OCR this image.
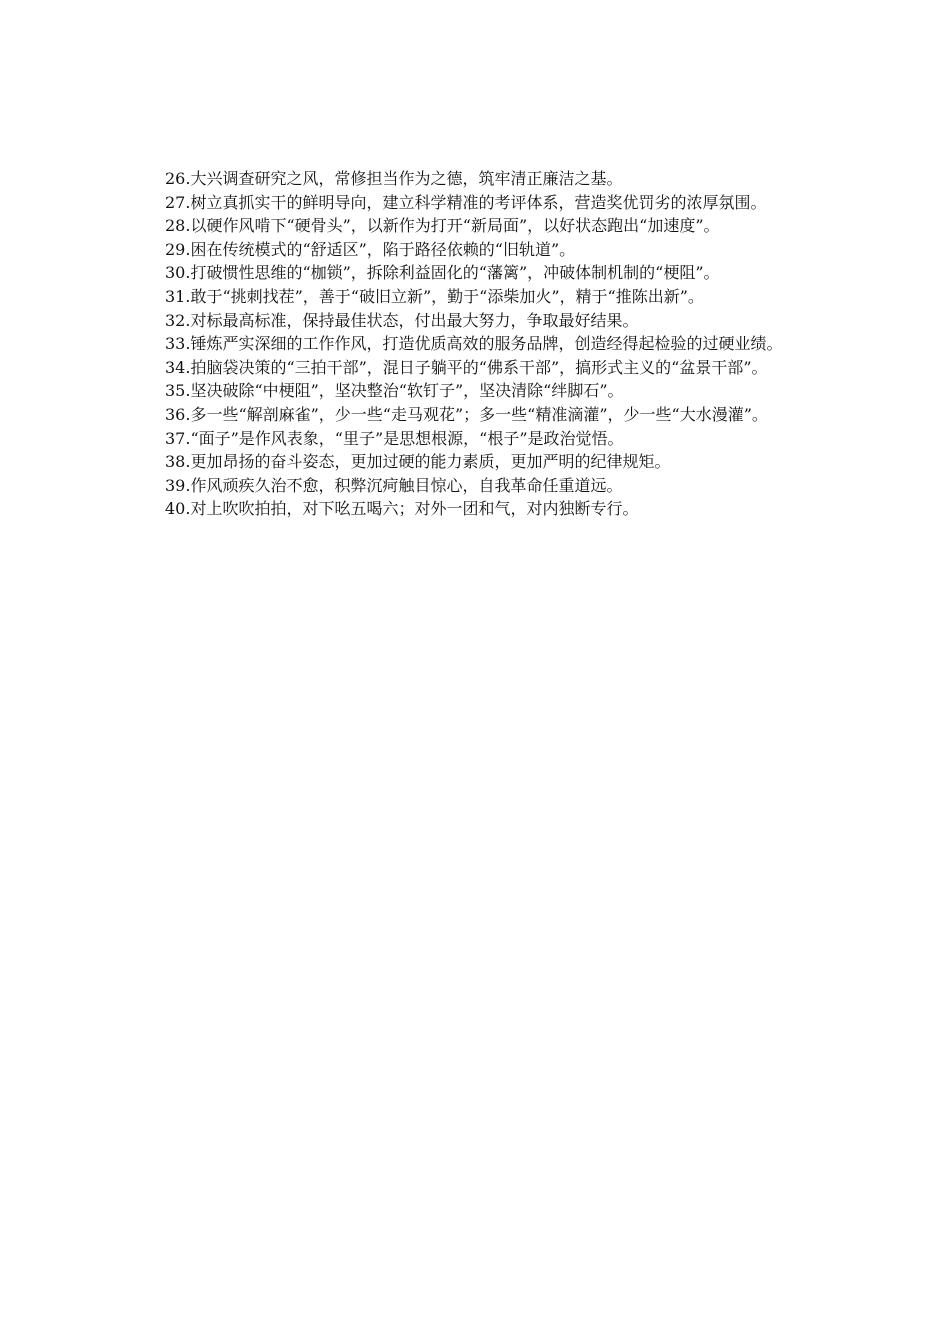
26.大兴调查研究之风，常修担当作为之德，筑牢清正廉洁之基。

27.树立真抓实干的鲜明导向，建立科学精准的考评体系，营造奖优罚劣的浓厚氛围。

28.以硬作风啃下“硬骨头”，以新作为打开“新局面”，以好状态跑出“加速度”。

29.困在传统模式的“舒适区”，陷于路径依赖的“旧轨道”。

30.打破惯性思维的“枷锁”，拆除利益固化的“藩篱”，冲破体制机制的“梗阻”。

31.敢于“挑刺找茬”，善于“破旧立新”，勤于“添柴加火”，精于“推陈出新”。

32.对标最高标准，保持最佳状态，付出最大努力，争取最好结果。

33.锤炼严实深细的工作作风，打造优质高效的服务品牌，创造经得起检验的过硬业绩。

34.拍脑袋决策的“三拍干部”，混日子躺平的“佛系干部”，搞形式主义的“盆景干部”。

35.坚决破除“中梗阻”，坚决整治“软钉子”，坚决清除“绊脚石”。

36.多一些“解剖麻雀”，少一些“走马观花”；多一些“精准滴灌”，少一些“大水漫灌”。

37.“面子”是作风表象，“里子”是思想根源，“根子”是政治觉悟。

38.更加昂扬的奋斗姿态，更加过硬的能力素质，更加严明的纪律规矩。

39.作风顽疾久治不愈，积弊沉疴触目惊心，自我革命任重道远。

40.对上吹吹拍拍，对下吆五喝六；对外一团和气，对内独断专行。
